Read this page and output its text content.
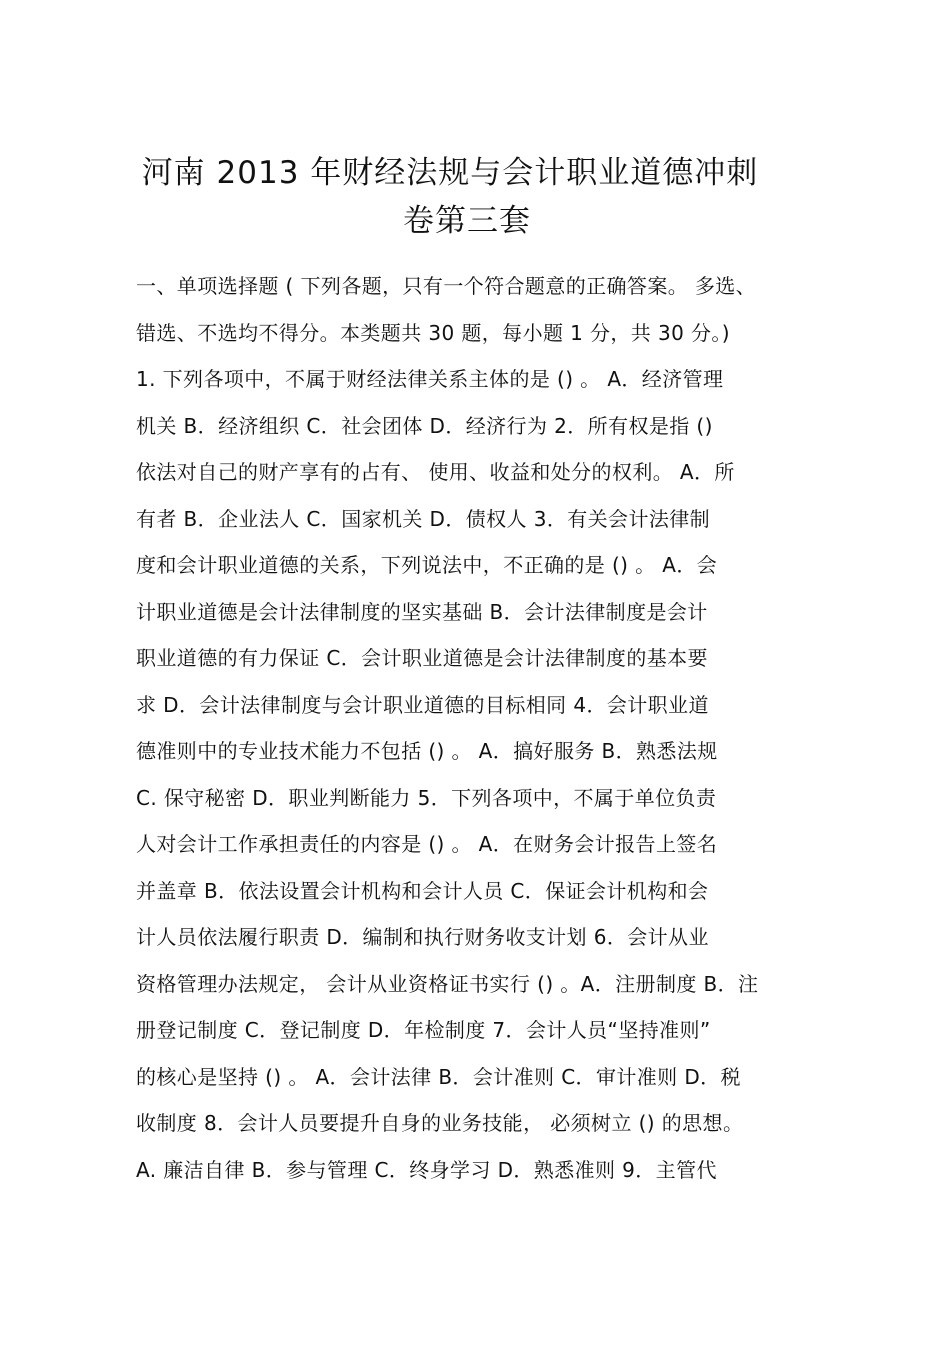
河南 2013 年财经法规与会计职业道德冲刺
卷第三套
一、单项选择题 ( 下列各题，只有一个符合题意的正确答案。 多选、
错选、不选均不得分。本类题共 30 题，每小题 1 分，共 30 分。)
1. 下列各项中，不属于财经法律关系主体的是 () 。 A．经济管理
机关 B．经济组织 C．社会团体 D．经济行为 2．所有权是指 ()
依法对自己的财产享有的占有、 使用、收益和处分的权利。 A．所
有者 B．企业法人 C．国家机关 D．债权人 3．有关会计法律制
度和会计职业道德的关系，下列说法中，不正确的是 () 。 A．会
计职业道德是会计法律制度的坚实基础 B．会计法律制度是会计
职业道德的有力保证 C．会计职业道德是会计法律制度的基本要
求 D．会计法律制度与会计职业道德的目标相同 4．会计职业道
德准则中的专业技术能力不包括 () 。 A．搞好服务 B．熟悉法规
C. 保守秘密 D．职业判断能力 5．下列各项中，不属于单位负责
人对会计工作承担责任的内容是 () 。 A．在财务会计报告上签名
并盖章 B．依法设置会计机构和会计人员 C．保证会计机构和会
计人员依法履行职责 D．编制和执行财务收支计划 6．会计从业
资格管理办法规定， 会计从业资格证书实行 () 。A．注册制度 B．注
册登记制度 C．登记制度 D．年检制度 7．会计人员“坚持准则”
的核心是坚持 () 。 A．会计法律 B．会计准则 C．审计准则 D．税
收制度 8．会计人员要提升自身的业务技能， 必须树立 () 的思想。
A. 廉洁自律 B．参与管理 C．终身学习 D．熟悉准则 9．主管代
